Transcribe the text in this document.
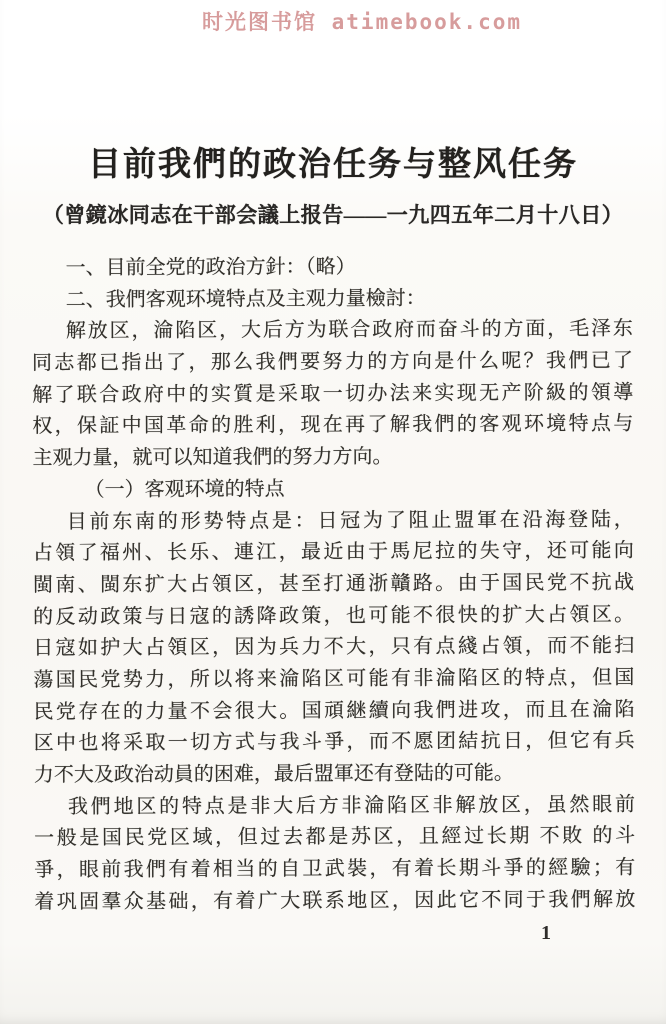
时光图书馆 atimebook.com
目前我們的政治任务与整风任务
（曾鏡冰同志在干部会議上报告——一九四五年二月十八日）
一、目前全党的政治方針：（略）
二、我們客观环境特点及主观力量檢討：
解放区，淪陷区，大后方为联合政府而奋斗的方面，毛泽东
同志都已指出了，那么我們要努力的方向是什么呢？我們已了
解了联合政府中的实質是采取一切办法来实现无产阶級的領導
权，保証中国革命的胜利，现在再了解我們的客观环境特点与
主观力量，就可以知道我們的努力方向。
（一）客观环境的特点
目前东南的形势特点是：日冠为了阻止盟軍在沿海登陆，
占領了福州、长乐、連江，最近由于馬尼拉的失守，还可能向
閩南、閩东扩大占領区，甚至打通浙贛路。由于国民党不抗战
的反动政策与日寇的誘降政策，也可能不很快的扩大占領区。
日寇如护大占領区，因为兵力不大，只有点綫占領，而不能扫
蕩国民党势力，所以将来淪陷区可能有非淪陷区的特点，但国
民党存在的力量不会很大。国頑継續向我們进攻，而且在淪陷
区中也将采取一切方式与我斗爭，而不愿团結抗日，但它有兵
力不大及政治动員的困难，最后盟軍还有登陆的可能。
我們地区的特点是非大后方非淪陷区非解放区，虽然眼前
一般是国民党区域，但过去都是苏区，且經过长期 不敗 的斗
爭，眼前我們有着相当的自卫武裝，有着长期斗爭的經驗；有
着巩固羣众基础，有着广大联系地区，因此它不同于我們解放
1
